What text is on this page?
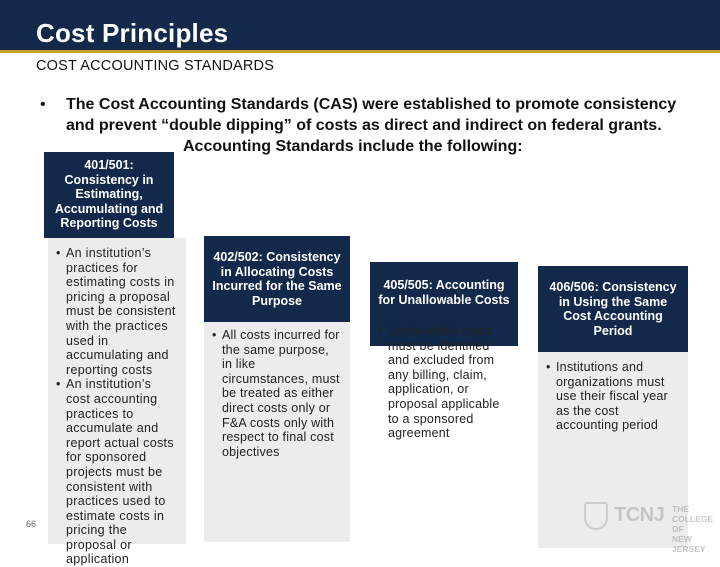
Cost Principles
COST ACCOUNTING STANDARDS
• The Cost Accounting Standards (CAS) were established to promote consistency and prevent “double dipping” of costs as direct and indirect on federal grants.
Accounting Standards include the following:
401/501: Consistency in Estimating, Accumulating and Reporting Costs
• An institution’s practices for estimating costs in pricing a proposal must be consistent with the practices used in accumulating and reporting costs
• An institution’s cost accounting practices to accumulate and report actual costs for sponsored projects must be consistent with practices used to estimate costs in pricing the proposal or application
402/502: Consistency in Allocating Costs Incurred for the Same Purpose
• All costs incurred for the same purpose, in like circumstances, must be treated as either direct costs only or F&A costs only with respect to final cost objectives
405/505: Accounting for Unallowable Costs
• Unallowable costs must be identified and excluded from any billing, claim, application, or proposal applicable to a sponsored agreement
406/506: Consistency in Using the Same Cost Accounting Period
• Institutions and organizations must use their fiscal year as the cost accounting period
66	TCNJ THE COLLEGE OF
NEW JERSEY
